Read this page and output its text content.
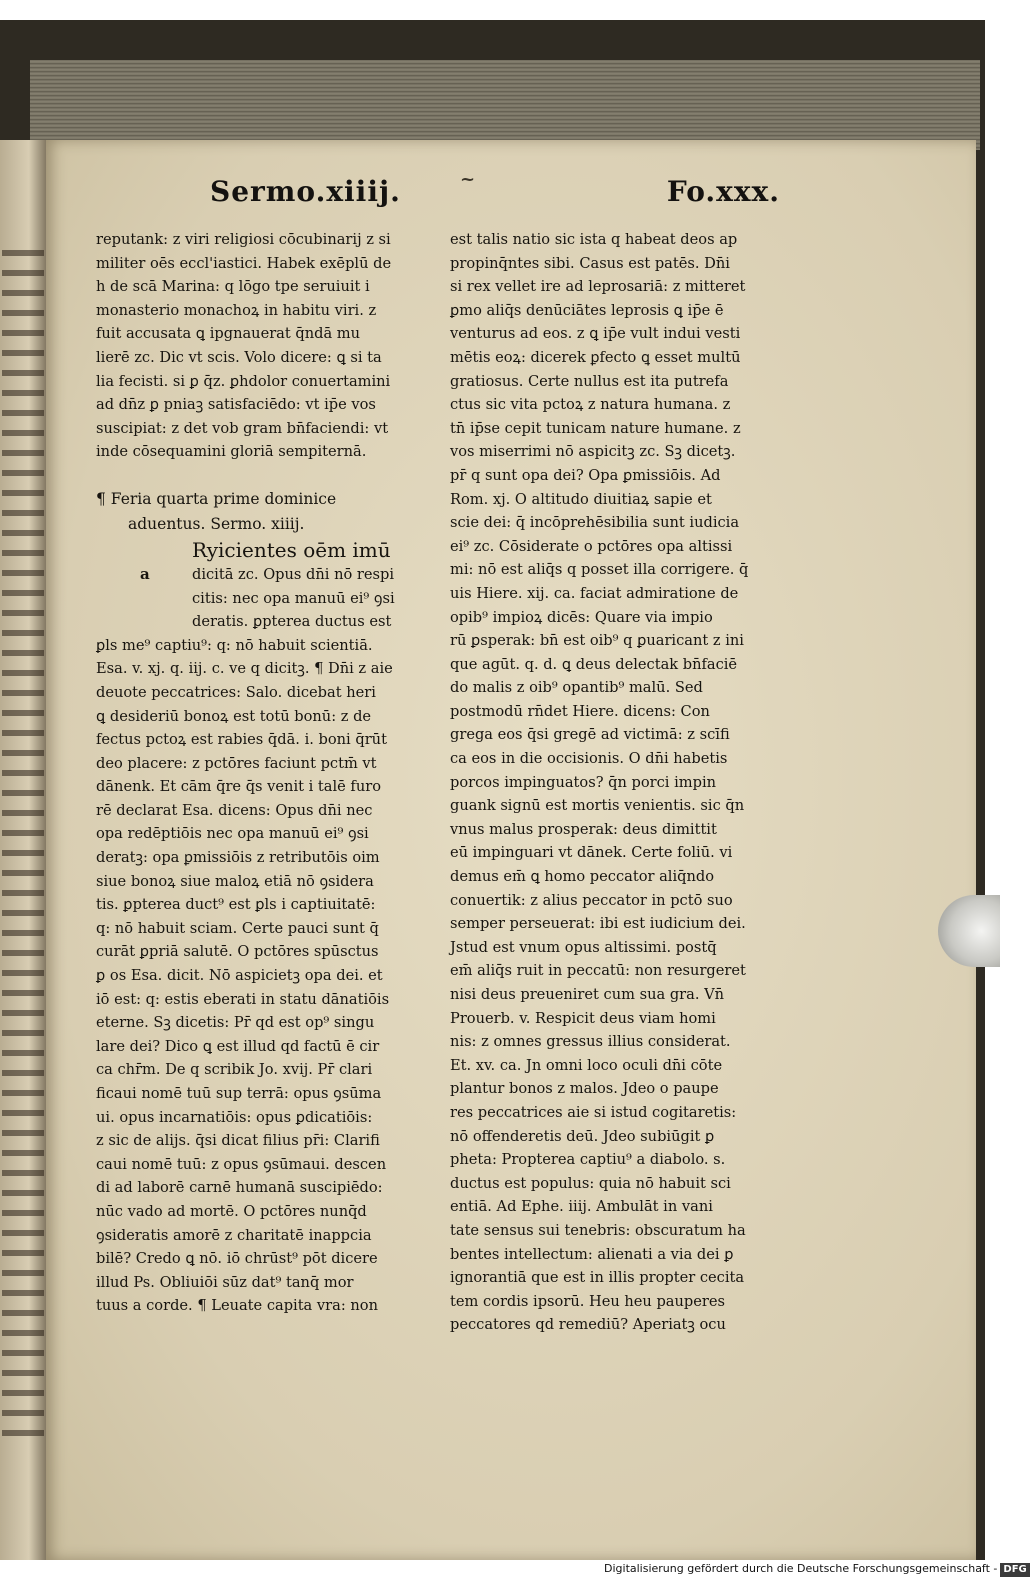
Sermo.xiiij.	~	Fo.xxx.
reputank: z viri religiosi cōcubinarij z si
militer oēs eccl'iastici. Habek exēplū de
h de scā Marina: q lōgo tpe seruiuit i
monasterio monachoꝝ in habitu viri. z
fuit accusata ꝗ ipgnauerat q̄ndā mu
lierē zc. Dic vt scis. Volo dicere: ꝗ si ta
lia fecisti. si ꝑ q̄z. ꝑhdolor conuertamini
ad dn̄z ꝑ pniaꝫ satisfaciēdo: vt ip̄e vos
suscipiat: z det vob gram bn̄faciendi: vt
inde cōsequamini gloriā sempiternā.
¶ Feria quarta prime dominice
aduentus. Sermo. xiiij.
Ryicientes oēm imū
a	dicitā zc. Opus dn̄i nō respi
citis: nec opa manuū ei⁹ ꝯsi
deratis. ꝑpterea ductus est
ꝑls me⁹ captiu⁹: q: nō habuit scientiā.
Esa. v. xj. q. iij. c. ve q dicitꝫ. ¶ Dn̄i z aie
deuote peccatrices: Salo. dicebat heri
ꝗ desideriū bonoꝝ est totū bonū: z de
fectus pctoꝝ est rabies q̄dā. i. boni q̄rūt
deo placere: z pctōres faciunt pctm̄ vt
dānenk. Et cām q̄re q̄s venit i talē furo
rē declarat Esa. dicens: Opus dn̄i nec
opa redēptiōis nec opa manuū ei⁹ ꝯsi
deratꝫ: opa ꝑmissiōis z retributōis oim
siue bonoꝝ siue maloꝝ etiā nō ꝯsidera
tis. ꝑpterea duct⁹ est ꝑls i captiuitatē:
q: nō habuit sciam. Certe pauci sunt q̄
curāt ꝑpriā salutē. O pctōres spūsctus
ꝑ os Esa. dicit. Nō aspicietꝫ opa dei. et
iō est: q: estis eberati in statu dānatiōis
eterne. Sꝫ dicetis: Pr̄ qd est op⁹ singu
lare dei? Dico ꝗ est illud qd factū ē cir
ca chr̄m. De q scribik Jo. xvij. Pr̄ clari
ficaui nomē tuū sup terrā: opus ꝯsūma
ui. opus incarnatiōis: opus ꝑdicatiōis:
z sic de alijs. q̄si dicat filius pr̄i: Clarifi
caui nomē tuū: z opus ꝯsūmaui. descen
di ad laborē carnē humanā suscipiēdo:
nūc vado ad mortē. O pctōres nunq̄d
ꝯsideratis amorē z charitatē inappcia
bilē? Credo ꝗ nō. iō chrūst⁹ pōt dicere
illud Ps. Obliuiōi sūz dat⁹ tanq̄ mor
tuus a corde. ¶ Leuate capita vra: non
est talis natio sic ista q habeat deos ap
propinq̄ntes sibi. Casus est patēs. Dn̄i
si rex vellet ire ad leprosariā: z mitteret
ꝑmo aliq̄s denūciātes leprosis ꝗ ip̄e ē
venturus ad eos. z ꝗ ip̄e vult indui vesti
mētis eoꝝ: dicerek ꝑfecto ꝗ esset multū
gratiosus. Certe nullus est ita putrefa
ctus sic vita pctoꝝ z natura humana. z
tn̄ ip̄se cepit tunicam nature humane. z
vos miserrimi nō aspicitꝫ zc. Sꝫ dicetꝫ.
pr̄ q sunt opa dei? Opa ꝑmissiōis. Ad
Rom. xj. O altitudo diuitiaꝝ sapie et
scie dei: q̄ incōprehēsibilia sunt iudicia
ei⁹ zc. Cōsiderate o pctōres opa altissi
mi: nō est aliq̄s q posset illa corrigere. q̄
uis Hiere. xij. ca. faciat admiratione de
opib⁹ impioꝝ dicēs: Quare via impio
rū ꝑsperak: bn̄ est oib⁹ q ꝑuaricant z ini
que agūt. q. d. ꝗ deus delectak bn̄faciē
do malis z oib⁹ opantib⁹ malū. Sed
postmodū rn̄det Hiere. dicens: Con
grega eos q̄si gregē ad victimā: z scīfi
ca eos in die occisionis. O dn̄i habetis
porcos impinguatos? q̄n porci impin
guank signū est mortis venientis. sic q̄n
vnus malus prosperak: deus dimittit
eū impinguari vt dānek. Certe foliū. vi
demus em̄ ꝗ homo peccator aliq̄ndo
conuertik: z alius peccator in pctō suo
semper perseuerat: ibi est iudicium dei.
Jstud est vnum opus altissimi. postq̄
em̄ aliq̄s ruit in peccatū: non resurgeret
nisi deus preueniret cum sua gra. Vn̄
Prouerb. v. Respicit deus viam homi
nis: z omnes gressus illius considerat.
Et. xv. ca. Jn omni loco oculi dn̄i cōte
plantur bonos z malos. Jdeo o paupe
res peccatrices aie si istud cogitaretis:
nō offenderetis deū. Jdeo subiūgit ꝑ
pheta: Propterea captiu⁹ a diabolo. s.
ductus est populus: quia nō habuit sci
entiā. Ad Ephe. iiij. Ambulāt in vani
tate sensus sui tenebris: obscuratum ha
bentes intellectum: alienati a via dei ꝑ
ignorantiā que est in illis propter cecita
tem cordis ipsorū. Heu heu pauperes
peccatores qd remediū? Aperiatꝫ ocu
Digitalisierung gefördert durch die Deutsche Forschungsgemeinschaft - DFG
